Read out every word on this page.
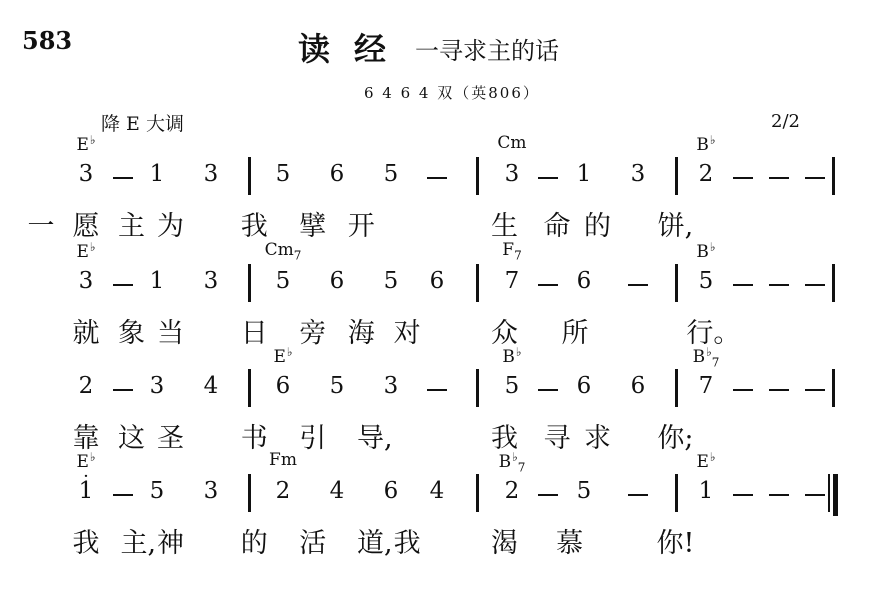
583	读经 一寻求主的话
6 4 6 4 双（英806）
降 E 大调	2/2
E♭	Cm	B♭
3 1 3 5 6 5	3 1 3 2
一 愿 主 为 我 擘 开	生 命 的 饼,
E♭	$Cm_7$	$F_7$	B♭
3 1 3 5 6 5 6	7 6	5
就 象 当 日 旁 海 对	众 所	行。
E♭	B♭	$B^♭_7$
2 3 4 6 5 3	5 6 6 7
靠 这 圣 书 引 导,	我 寻 求 你;
E♭	Fm	$B^♭_7$	E♭
· 1 5 3 2 4 6 4	2 5	1
我 主, 神 的 活 道, 我	渴 慕	你!
